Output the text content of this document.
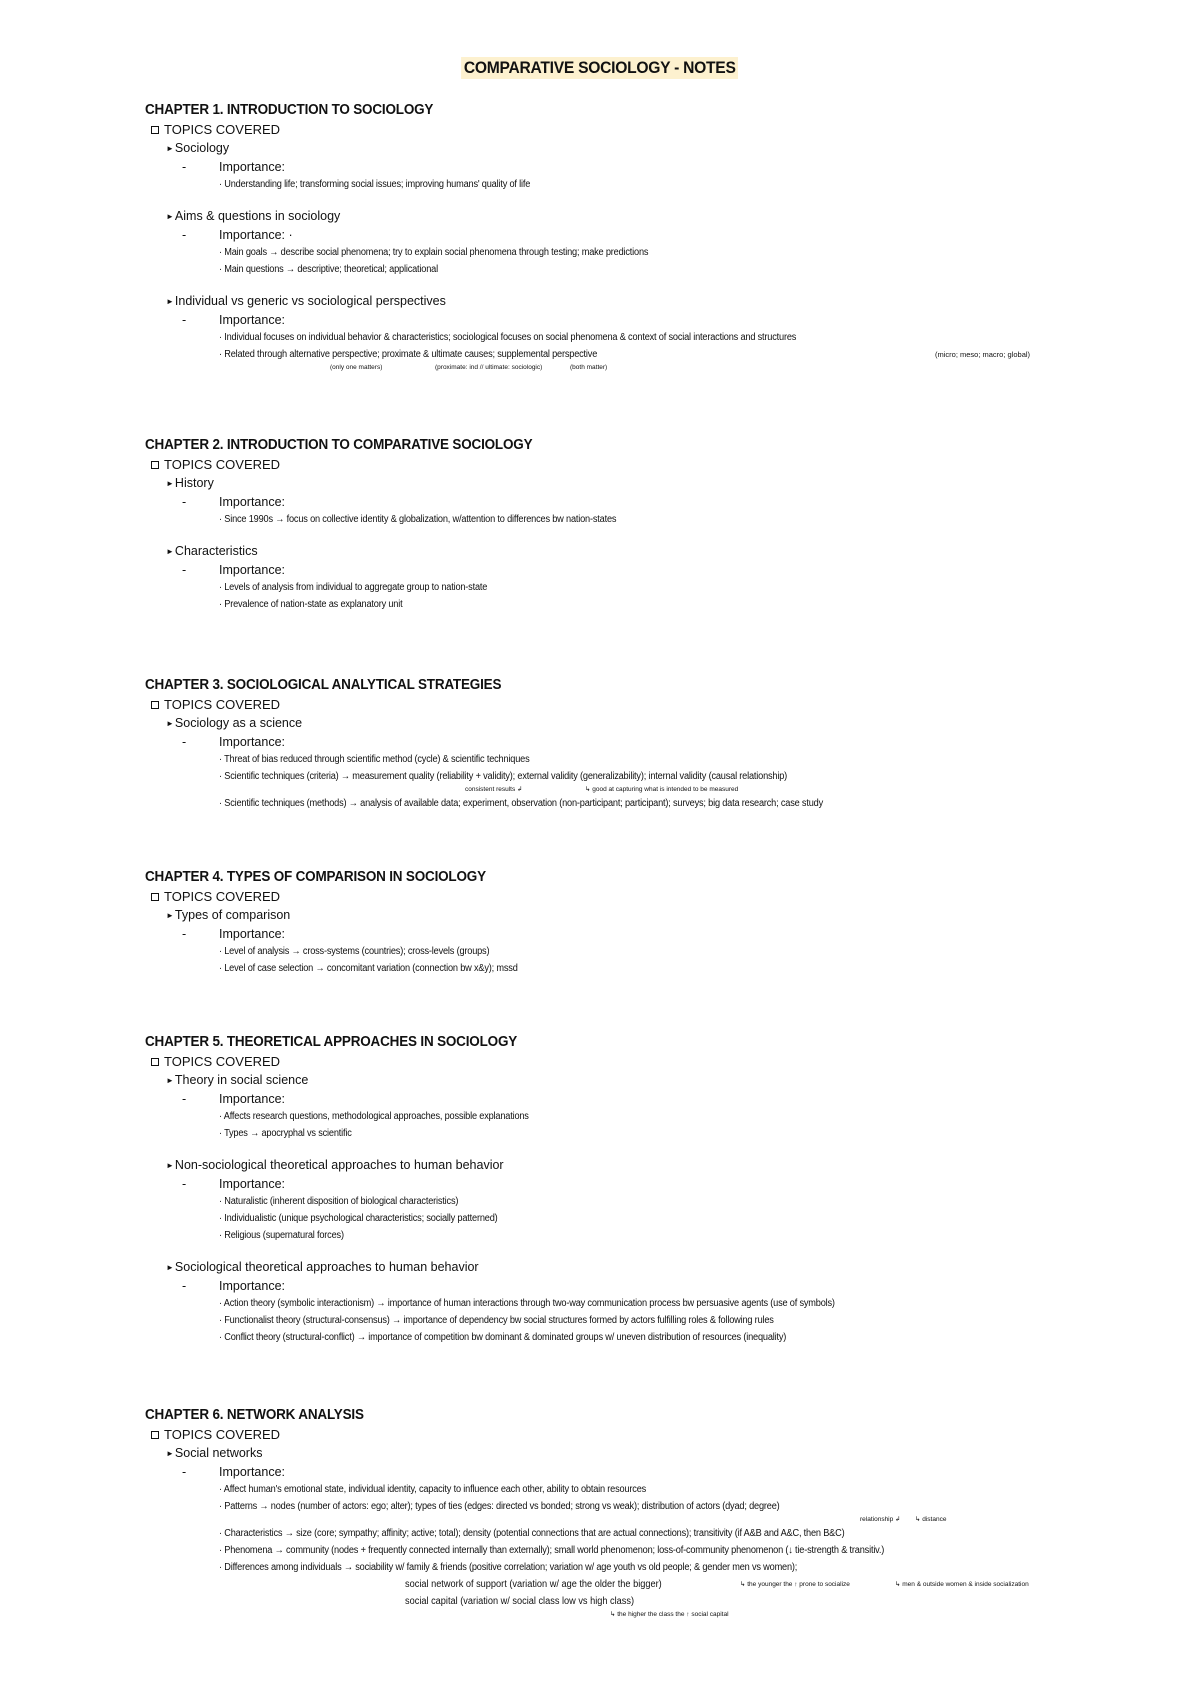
COMPARATIVE SOCIOLOGY - NOTES
CHAPTER 1. INTRODUCTION TO SOCIOLOGY
TOPICS COVERED
►Sociology
-	Importance:
· Understanding life; transforming social issues; improving humans' quality of life
►Aims & questions in sociology
-	Importance: ·
· Main goals → describe social phenomena; try to explain social phenomena through testing; make predictions
· Main questions → descriptive; theoretical; applicational
►Individual vs generic vs sociological perspectives
-	Importance:
· Individual focuses on individual behavior & characteristics; sociological focuses on social phenomena & context of social interactions and structures
· Related through alternative perspective; proximate & ultimate causes; supplemental perspective
(only one matters)	(proximate: ind // ultimate: sociologic)	(both matter)
(micro; meso; macro; global)
CHAPTER 2. INTRODUCTION TO COMPARATIVE SOCIOLOGY
TOPICS COVERED
►History
-	Importance:
· Since 1990s → focus on collective identity & globalization, w/attention to differences bw nation-states
►Characteristics
-	Importance:
· Levels of analysis from individual to aggregate group to nation-state
· Prevalence of nation-state as explanatory unit
CHAPTER 3. SOCIOLOGICAL ANALYTICAL STRATEGIES
TOPICS COVERED
►Sociology as a science
-	Importance:
· Threat of bias reduced through scientific method (cycle) & scientific techniques
· Scientific techniques (criteria) → measurement quality (reliability + validity); external validity (generalizability); internal validity (causal relationship)
consistent results ↲	↳ good at capturing what is intended to be measured
· Scientific techniques (methods) → analysis of available data; experiment, observation (non-participant; participant); surveys; big data research; case study
CHAPTER 4. TYPES OF COMPARISON IN SOCIOLOGY
TOPICS COVERED
►Types of comparison
-	Importance:
· Level of analysis → cross-systems (countries); cross-levels (groups)
· Level of case selection → concomitant variation (connection bw x&y); mssd
CHAPTER 5. THEORETICAL APPROACHES IN SOCIOLOGY
TOPICS COVERED
►Theory in social science
-	Importance:
· Affects research questions, methodological approaches, possible explanations
· Types → apocryphal vs scientific
►Non-sociological theoretical approaches to human behavior
-	Importance:
· Naturalistic (inherent disposition of biological characteristics)
· Individualistic (unique psychological characteristics; socially patterned)
· Religious (supernatural forces)
►Sociological theoretical approaches to human behavior
-	Importance:
· Action theory (symbolic interactionism) → importance of human interactions through two-way communication process bw persuasive agents (use of symbols)
· Functionalist theory (structural-consensus) → importance of dependency bw social structures formed by actors fulfilling roles & following rules
· Conflict theory (structural-conflict) → importance of competition bw dominant & dominated groups w/ uneven distribution of resources (inequality)
CHAPTER 6. NETWORK ANALYSIS
TOPICS COVERED
►Social networks
-	Importance:
· Affect human's emotional state, individual identity, capacity to influence each other, ability to obtain resources
· Patterns → nodes (number of actors: ego; alter); types of ties (edges: directed vs bonded; strong vs weak); distribution of actors (dyad; degree)
relationship ↲ ↳ distance
· Characteristics → size (core; sympathy; affinity; active; total); density (potential connections that are actual connections); transitivity (if A&B and A&C, then B&C)
· Phenomena → community (nodes + frequently connected internally than externally); small world phenomenon; loss-of-community phenomenon (↓ tie-strength & transitiv.)
· Differences among individuals → sociability w/ family & friends (positive correlation; variation w/ age youth vs old people; & gender men vs women);
social network of support (variation w/ age the older the bigger)	↳ the younger the ↑ prone to socialize	↳ men & outside women & inside socialization
social capital (variation w/ social class low vs high class)
↳ the higher the class the ↑ social capital
